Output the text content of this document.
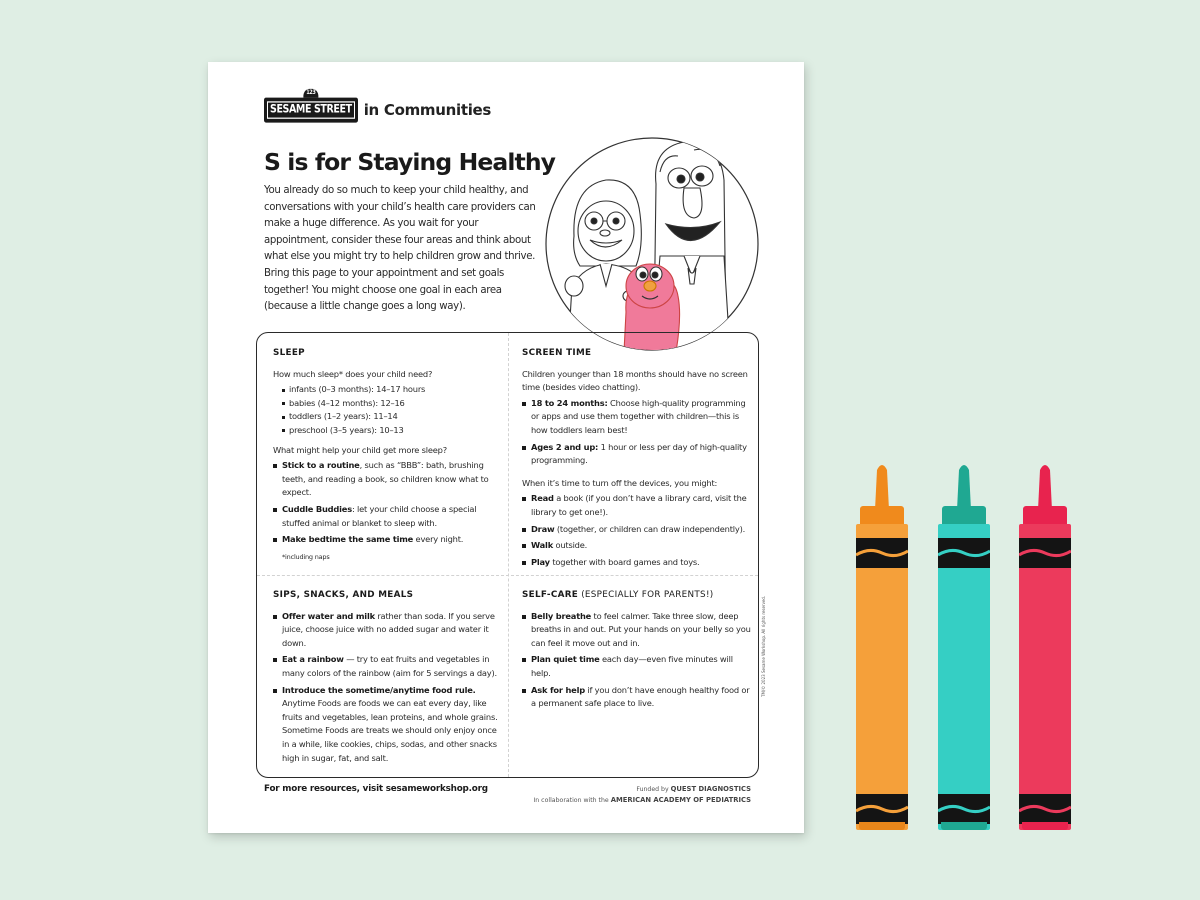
123 SESAME STREET in Communities
S is for Staying Healthy

You already do so much to keep your child healthy, and conversations with your child’s health care providers can make a huge difference. As you wait for your appointment, consider these four areas and think about what else you might try to help children grow and thrive. Bring this page to your appointment and set goals together! You might choose one goal in each area (because a little change goes a long way).

SLEEP

How much sleep* does your child need?

infants (0–3 months): 14–17 hours
babies (4–12 months): 12–16
toddlers (1–2 years): 11–14
preschool (3–5 years): 10–13

What might help your child get more sleep?

Stick to a routine, such as “BBB”: bath, brushing teeth, and reading a book, so children know what to expect.
Cuddle Buddies: let your child choose a special stuffed animal or blanket to sleep with.
Make bedtime the same time every night.

*including naps

SCREEN TIME

Children younger than 18 months should have no screen time (besides video chatting).

18 to 24 months: Choose high-quality programming or apps and use them together with children—this is how toddlers learn best!
Ages 2 and up: 1 hour or less per day of high-quality programming.

When it’s time to turn off the devices, you might:

Read a book (if you don’t have a library card, visit the library to get one!).
Draw (together, or children can draw independently).
Walk outside.
Play together with board games and toys.
SIPS, SNACKS, AND MEALS
Offer water and milk rather than soda. If you serve juice, choose juice with no added sugar and water it down.
Eat a rainbow — try to eat fruits and vegetables in many colors of the rainbow (aim for 5 servings a day).
Introduce the sometime/anytime food rule. Anytime Foods are foods we can eat every day, like fruits and vegetables, lean proteins, and whole grains. Sometime Foods are treats we should only enjoy once in a while, like cookies, chips, sodas, and other snacks high in sugar, fat, and salt.
SELF-CARE (ESPECIALLY FOR PARENTS!)
Belly breathe to feel calmer. Take three slow, deep breaths in and out. Put your hands on your belly so you can feel it move out and in.
Plan quiet time each day—even five minutes will help.
Ask for help if you don’t have enough healthy food or a permanent safe place to live.
TM/© 2023 Sesame Workshop. All rights reserved.
For more resources, visit sesameworkshop.org	Funded by QUEST DIAGNOSTICS
In collaboration with the AMERICAN ACADEMY OF PEDIATRICS
